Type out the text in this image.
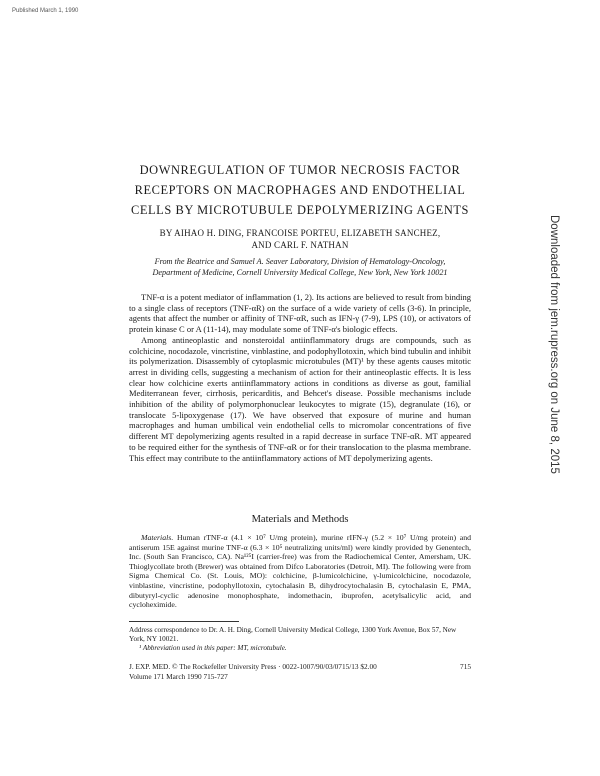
Published March 1, 1990
Downloaded from jem.rupress.org on June 8, 2015
DOWNREGULATION OF TUMOR NECROSIS FACTOR
RECEPTORS ON MACROPHAGES AND ENDOTHELIAL
CELLS BY MICROTUBULE DEPOLYMERIZING AGENTS
BY AIHAO H. DING, FRANCOISE PORTEU, ELIZABETH SANCHEZ,
AND CARL F. NATHAN
From the Beatrice and Samuel A. Seaver Laboratory, Division of Hematology-Oncology,
Department of Medicine, Cornell University Medical College, New York, New York 10021

TNF-α is a potent mediator of inflammation (1, 2). Its actions are believed to result from binding to a single class of receptors (TNF-αR) on the surface of a wide variety of cells (3-6). In principle, agents that affect the number or affinity of TNF-αR, such as IFN-γ (7-9), LPS (10), or activators of protein kinase C or A (11-14), may modulate some of TNF-α's biologic effects.

Among antineoplastic and nonsteroidal antiinflammatory drugs are compounds, such as colchicine, nocodazole, vincristine, vinblastine, and podophyllotoxin, which bind tubulin and inhibit its polymerization. Disassembly of cytoplasmic microtubules (MT)¹ by these agents causes mitotic arrest in dividing cells, suggesting a mechanism of action for their antineoplastic effects. It is less clear how colchicine exerts antiinflammatory actions in conditions as diverse as gout, familial Mediterranean fever, cirrhosis, pericarditis, and Behcet's disease. Possible mechanisms include inhibition of the ability of polymorphonuclear leukocytes to migrate (15), degranulate (16), or translocate 5-lipoxygenase (17). We have observed that exposure of murine and human macrophages and human umbilical vein endothelial cells to micromolar concentrations of five different MT depolymerizing agents resulted in a rapid decrease in surface TNF-αR. MT appeared to be required either for the synthesis of TNF-αR or for their translocation to the plasma membrane. This effect may contribute to the antiinflammatory actions of MT depolymerizing agents.

Materials and Methods

Materials. Human rTNF-α (4.1 × 10⁷ U/mg protein), murine rIFN-γ (5.2 × 10⁷ U/mg protein) and antiserum 15E against murine TNF-α (6.3 × 10⁵ neutralizing units/ml) were kindly provided by Genentech, Inc. (South San Francisco, CA). Na¹²⁵I (carrier-free) was from the Radiochemical Center, Amersham, UK. Thioglycollate broth (Brewer) was obtained from Difco Laboratories (Detroit, MI). The following were from Sigma Chemical Co. (St. Louis, MO): colchicine, β-lumicolchicine, γ-lumicolchicine, nocodazole, vinblastine, vincristine, podophyllotoxin, cytochalasin B, dihydrocytochalasin B, cytochalasin E, PMA, dibutyryl-cyclic adenosine monophosphate, indomethacin, ibuprofen, acetylsalicylic acid, and cycloheximide.

Address correspondence to Dr. A. H. Ding, Cornell University Medical College, 1300 York Avenue, Box 57, New York, NY 10021.

¹ Abbreviation used in this paper: MT, microtubule.

J. EXP. MED. © The Rockefeller University Press · 0022-1007/90/03/0715/13 $2.00
Volume 171 March 1990 715-727
715
